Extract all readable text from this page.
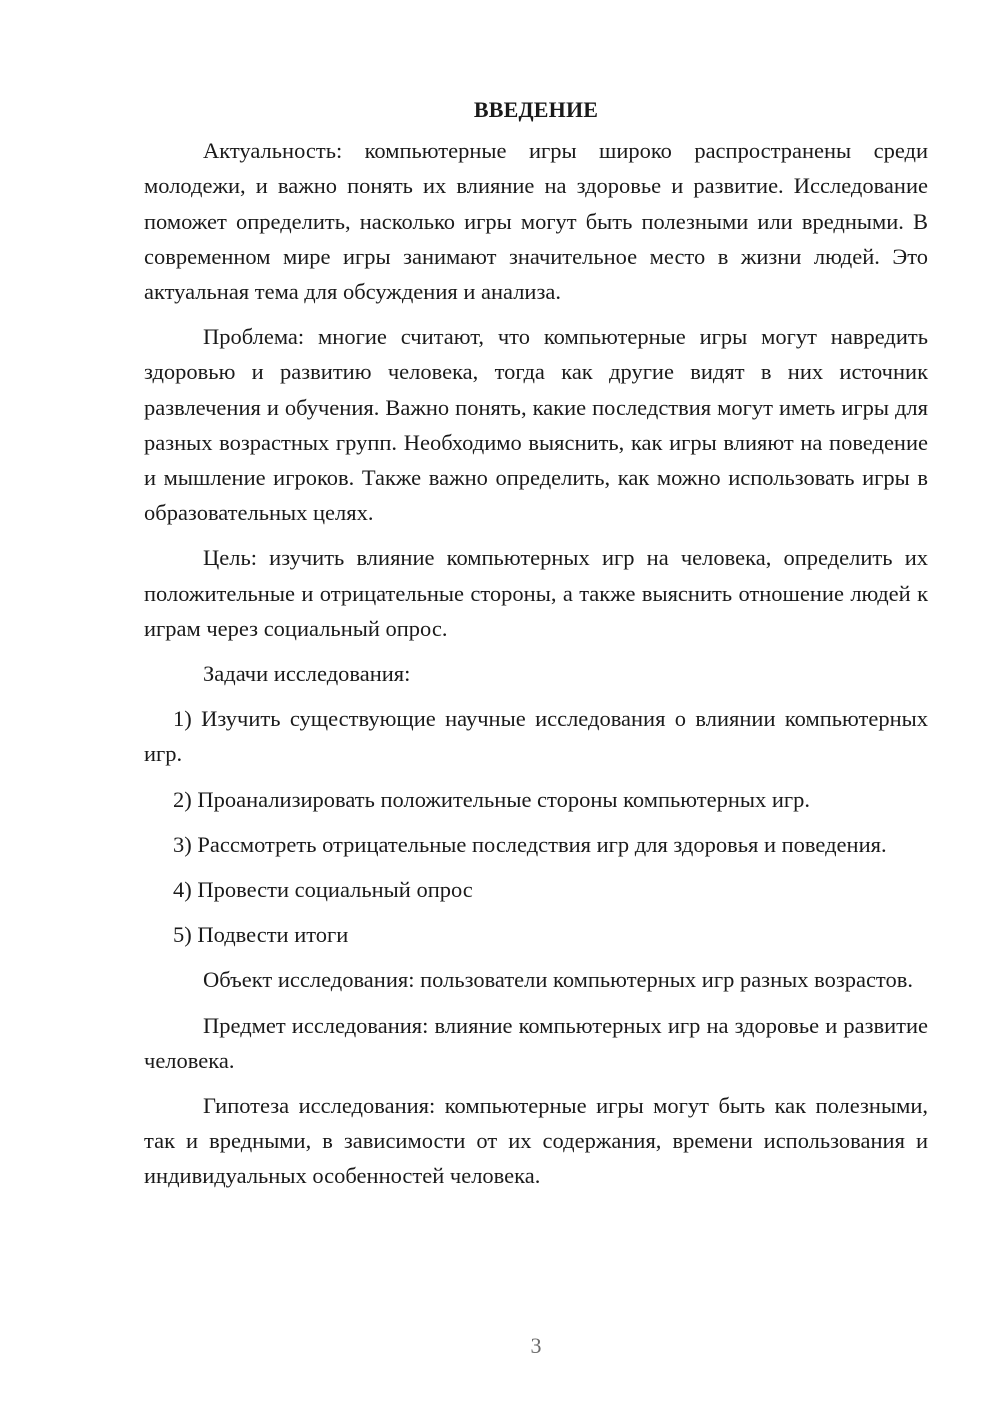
ВВЕДЕНИЕ

Актуальность: компьютерные игры широко распространены среди молодежи, и важно понять их влияние на здоровье и развитие. Исследование поможет определить, насколько игры могут быть полезными или вредными. В современном мире игры занимают значительное место в жизни людей. Это актуальная тема для обсуждения и анализа.

Проблема: многие считают, что компьютерные игры могут навредить здоровью и развитию человека, тогда как другие видят в них источник развлечения и обучения. Важно понять, какие последствия могут иметь игры для разных возрастных групп. Необходимо выяснить, как игры влияют на поведение и мышление игроков. Также важно определить, как можно использовать игры в образовательных целях.

Цель: изучить влияние компьютерных игр на человека, определить их положительные и отрицательные стороны, а также выяснить отношение людей к играм через социальный опрос.

Задачи исследования:

1) Изучить существующие научные исследования о влиянии компьютерных игр.

2) Проанализировать положительные стороны компьютерных игр.

3) Рассмотреть отрицательные последствия игр для здоровья и поведения.

4) Провести социальный опрос

5) Подвести итоги

Объект исследования: пользователи компьютерных игр разных возрастов.

Предмет исследования: влияние компьютерных игр на здоровье и развитие человека.

Гипотеза исследования: компьютерные игры могут быть как полезными, так и вредными, в зависимости от их содержания, времени использования и индивидуальных особенностей человека.

3
